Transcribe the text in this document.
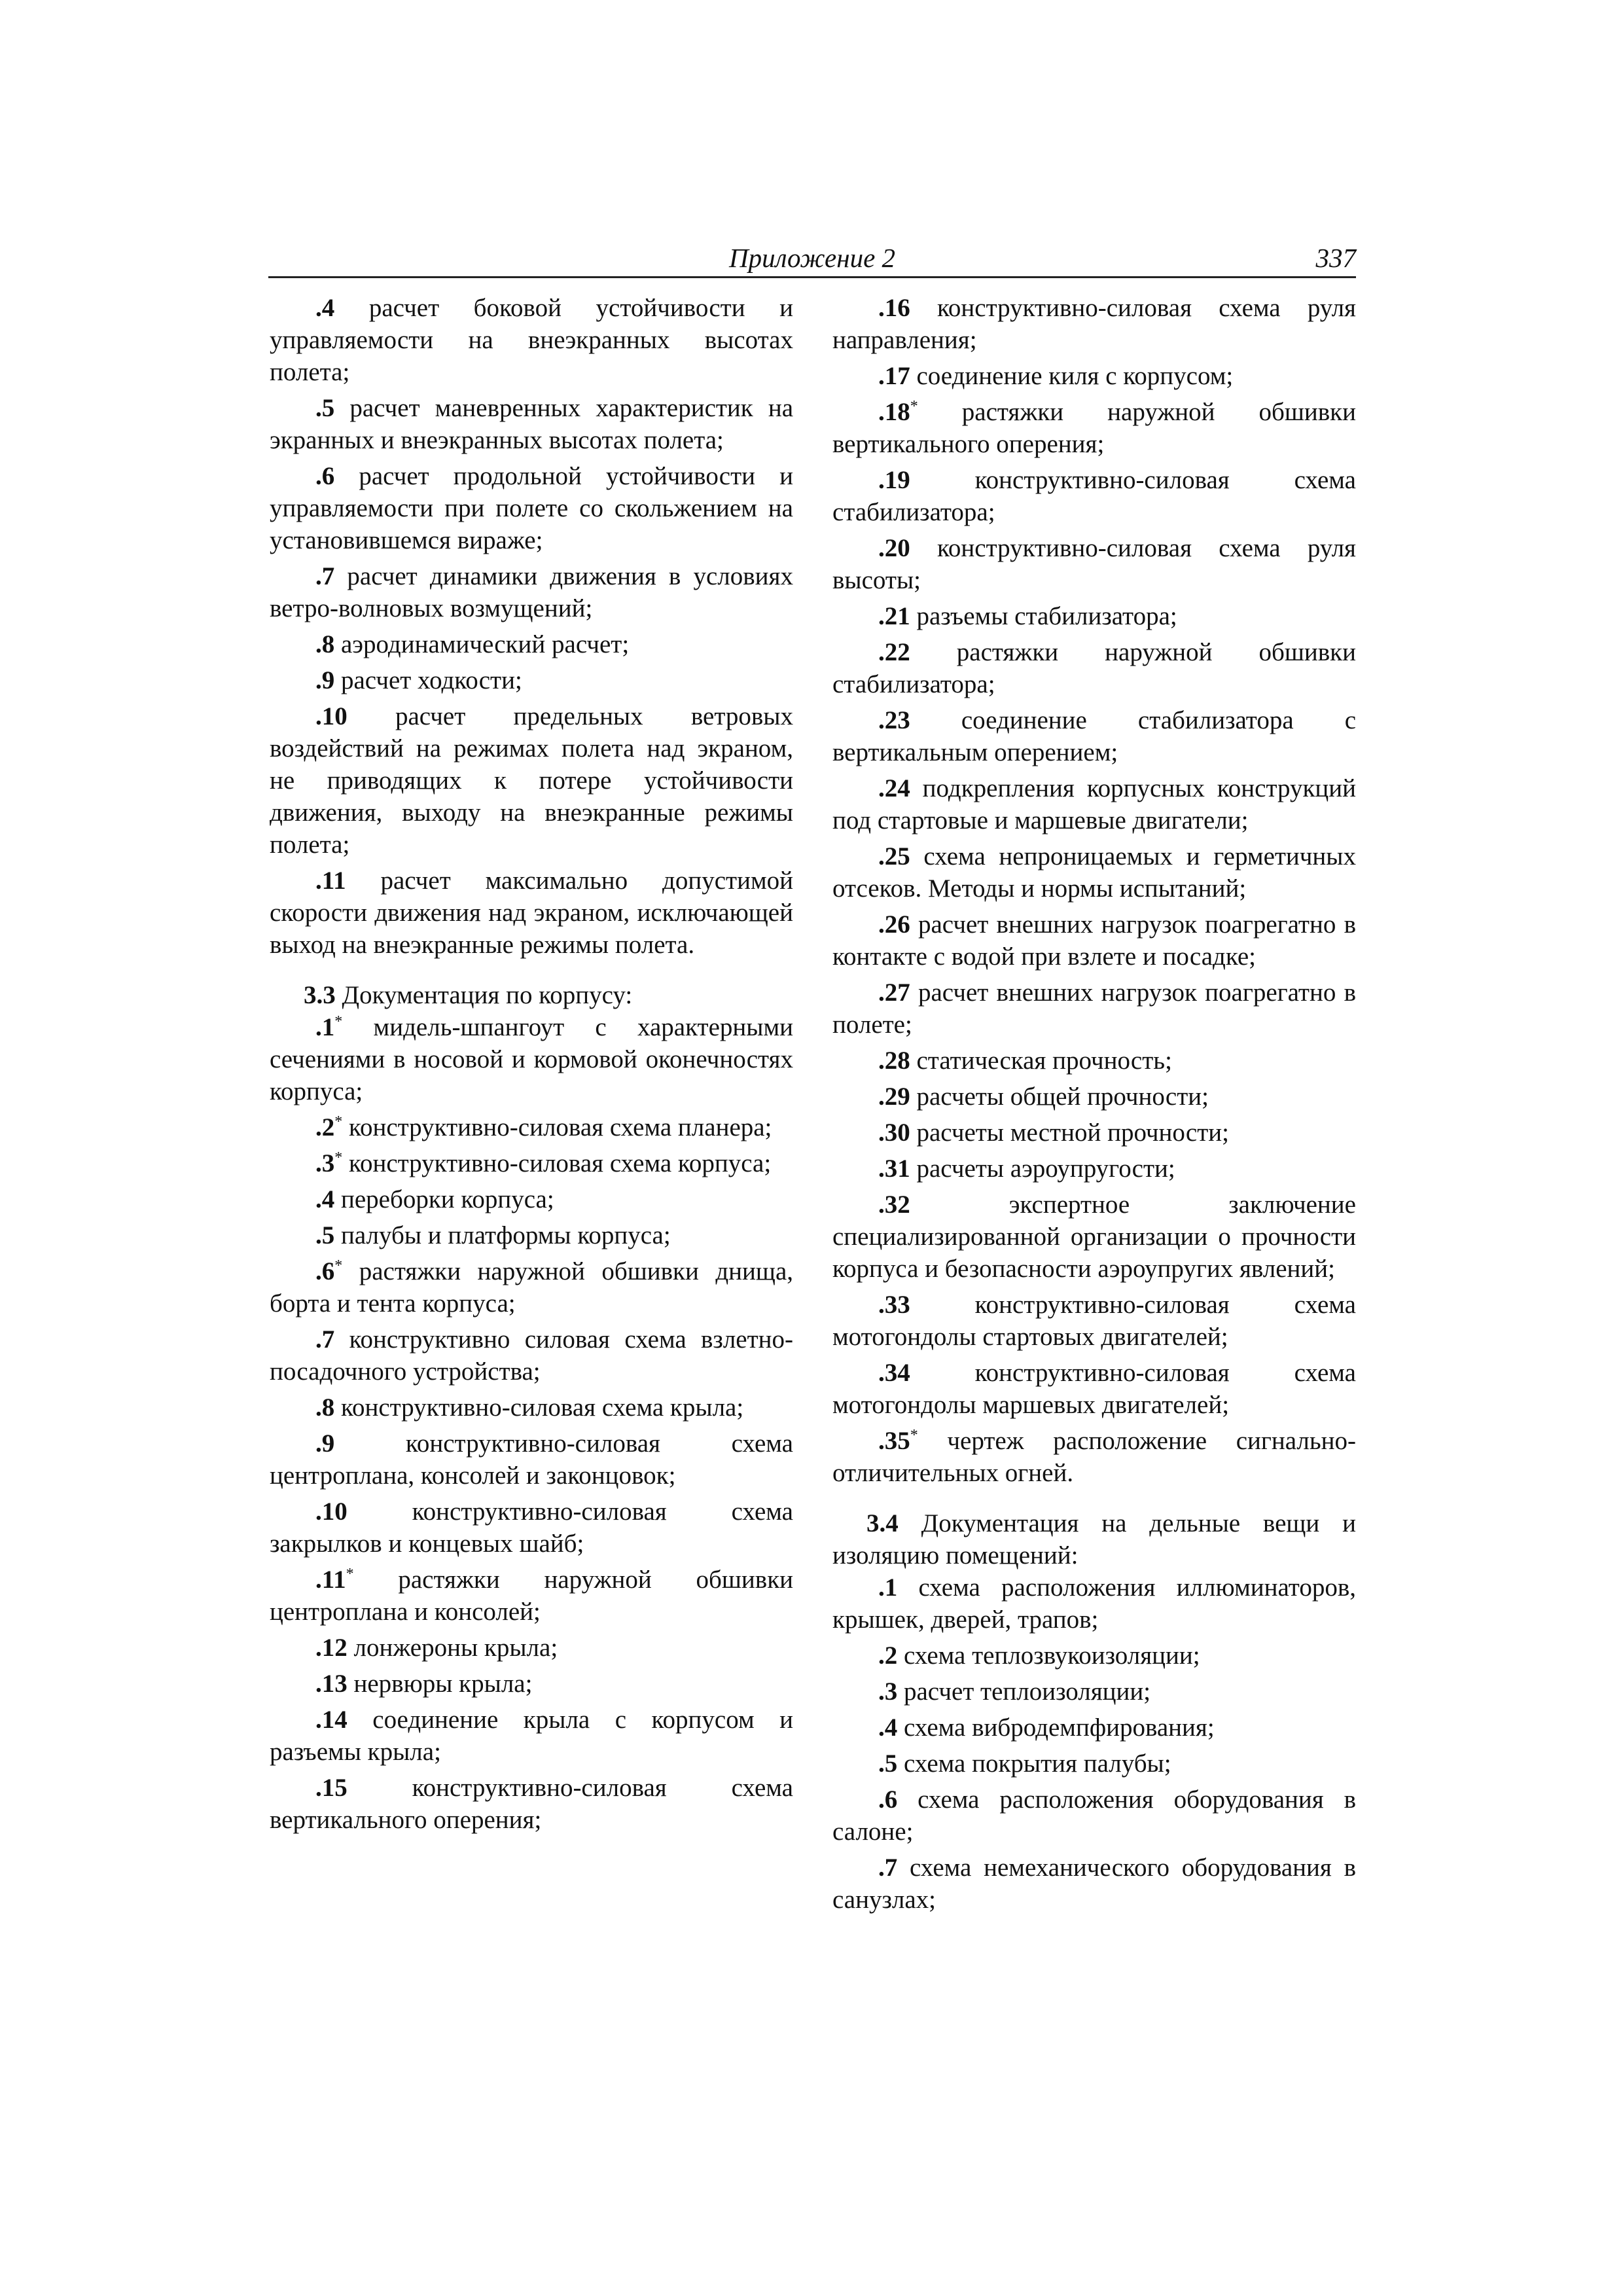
Приложение 2	337

.4 расчет боковой устойчивости и управляемости на внеэкранных высотах полета;

.5 расчет маневренных характеристик на экранных и внеэкранных высотах полета;

.6 расчет продольной устойчивости и управляемости при полете со скольжением на установившемся вираже;

.7 расчет динамики движения в условиях ветро-волновых возмущений;

.8 аэродинамический расчет;

.9 расчет ходкости;

.10 расчет предельных ветровых воздействий на режимах полета над экраном, не приводящих к потере устойчивости движения, выходу на внеэкранные режимы полета;

.11 расчет максимально допустимой скорости движения над экраном, исключающей выход на внеэкранные режимы полета.

3.3 Документация по корпусу:

.1* мидель-шпангоут с характерными сечениями в носовой и кормовой оконечностях корпуса;

.2* конструктивно-силовая схема планера;

.3* конструктивно-силовая схема корпуса;

.4 переборки корпуса;

.5 палубы и платформы корпуса;

.6* растяжки наружной обшивки днища, борта и тента корпуса;

.7 конструктивно силовая схема взлетно-посадочного устройства;

.8 конструктивно-силовая схема крыла;

.9	конструктивно-силовая схема центроплана, консолей и законцовок;

.10	конструктивно-силовая схема закрылков и концевых шайб;

.11* растяжки наружной обшивки центроплана и консолей;

.12 лонжероны крыла;

.13 нервюры крыла;

.14 соединение крыла с корпусом и разъемы крыла;

.15	конструктивно-силовая схема вертикального оперения;

.16 конструктивно-силовая схема руля направления;

.17 соединение киля с корпусом;

.18* растяжки наружной обшивки вертикального оперения;

.19	конструктивно-силовая схема стабилизатора;

.20 конструктивно-силовая схема руля высоты;

.21 разъемы стабилизатора;

.22 растяжки наружной обшивки стабилизатора;

.23 соединение стабилизатора с вертикальным оперением;

.24 подкрепления корпусных конструкций под стартовые и маршевые двигатели;

.25 схема непроницаемых и герметичных отсеков. Методы и нормы испытаний;

.26 расчет внешних нагрузок поагрегатно в контакте с водой при взлете и посадке;

.27 расчет внешних нагрузок поагрегатно в полете;

.28 статическая прочность;

.29 расчеты общей прочности;

.30 расчеты местной прочности;

.31 расчеты аэроупругости;

.32	экспертное заключение специализированной организации о прочности корпуса и безопасности аэроупругих явлений;

.33	конструктивно-силовая схема мотогондолы стартовых двигателей;

.34	конструктивно-силовая схема мотогондолы маршевых двигателей;

.35* чертеж расположение сигнально-отличительных огней.

3.4 Документация на дельные вещи и изоляцию помещений:

.1 схема расположения иллюминаторов, крышек, дверей, трапов;

.2 схема теплозвукоизоляции;

.3 расчет теплоизоляции;

.4 схема вибродемпфирования;

.5 схема покрытия палубы;

.6 схема расположения оборудования в салоне;

.7 схема немеханического оборудования в санузлах;
